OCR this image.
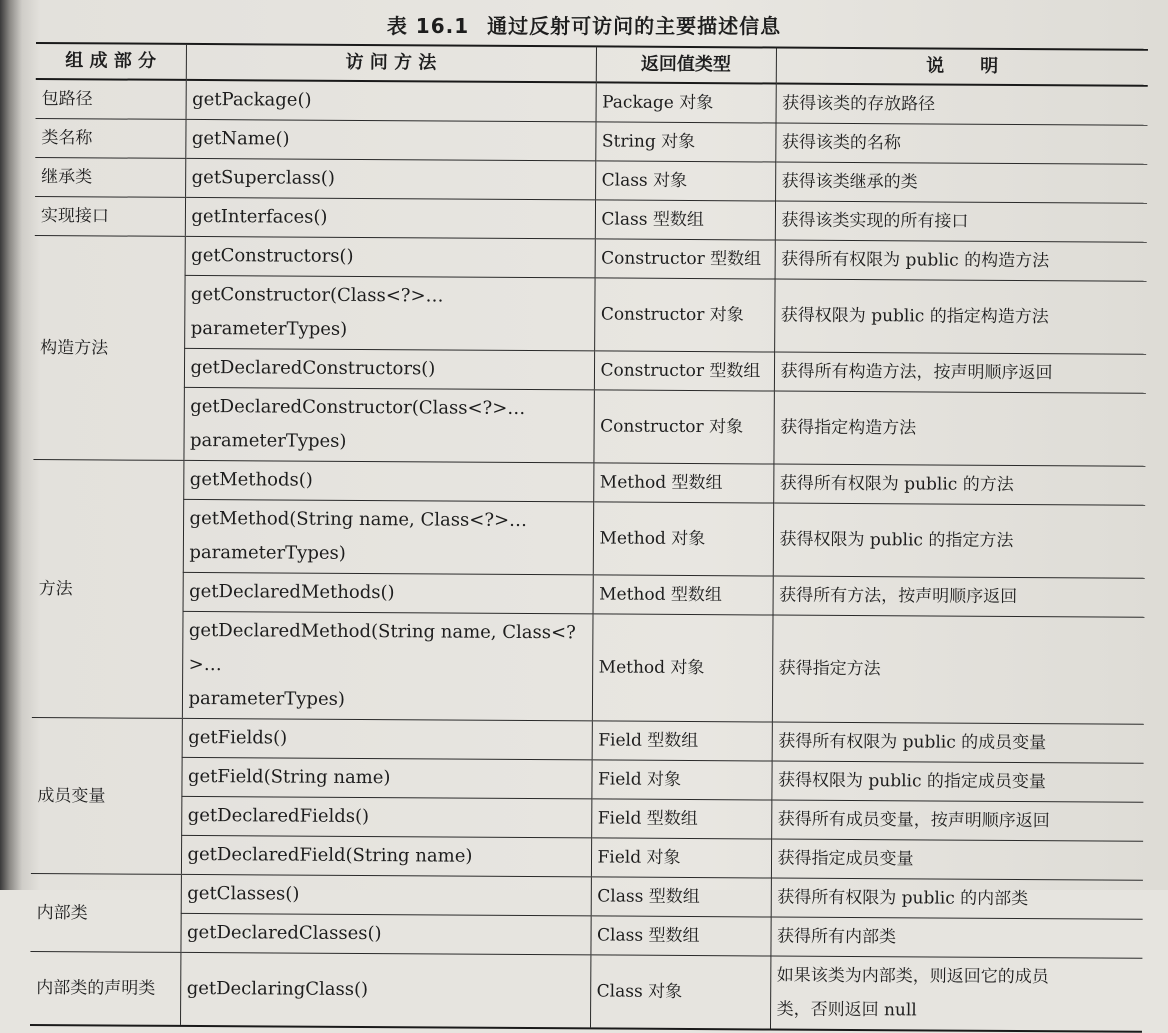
表 16.1 通过反射可访问的主要描述信息
组 成 部 分	访 问 方 法	返回值类型	说　　明
包路径	getPackage()	Package 对象	获得该类的存放路径
类名称	getName()	String 对象	获得该类的名称
继承类	getSuperclass()	Class 对象	获得该类继承的类
实现接口	getInterfaces()	Class 型数组	获得该类实现的所有接口
构造方法	getConstructors()	Constructor 型数组	获得所有权限为 public 的构造方法
	getConstructor(Class<?>…parameterTypes)	Constructor 对象	获得权限为 public 的指定构造方法
	getDeclaredConstructors()	Constructor 型数组	获得所有构造方法，按声明顺序返回
	getDeclaredConstructor(Class<?>…
parameterTypes)	Constructor 对象	获得指定构造方法
方法	getMethods()	Method 型数组	获得所有权限为 public 的方法
	getMethod(String name, Class<?>…
parameterTypes)	Method 对象	获得权限为 public 的指定方法
	getDeclaredMethods()	Method 型数组	获得所有方法，按声明顺序返回
	getDeclaredMethod(String name, Class<?>…
parameterTypes)	Method 对象	获得指定方法
成员变量	getFields()	Field 型数组	获得所有权限为 public 的成员变量
	getField(String name)	Field 对象	获得权限为 public 的指定成员变量
	getDeclaredFields()	Field 型数组	获得所有成员变量，按声明顺序返回
	getDeclaredField(String name)	Field 对象	获得指定成员变量
内部类	getClasses()	Class 型数组	获得所有权限为 public 的内部类
	getDeclaredClasses()	Class 型数组	获得所有内部类
内部类的声明类	getDeclaringClass()	Class 对象	如果该类为内部类，则返回它的成员
类，否则返回 null
